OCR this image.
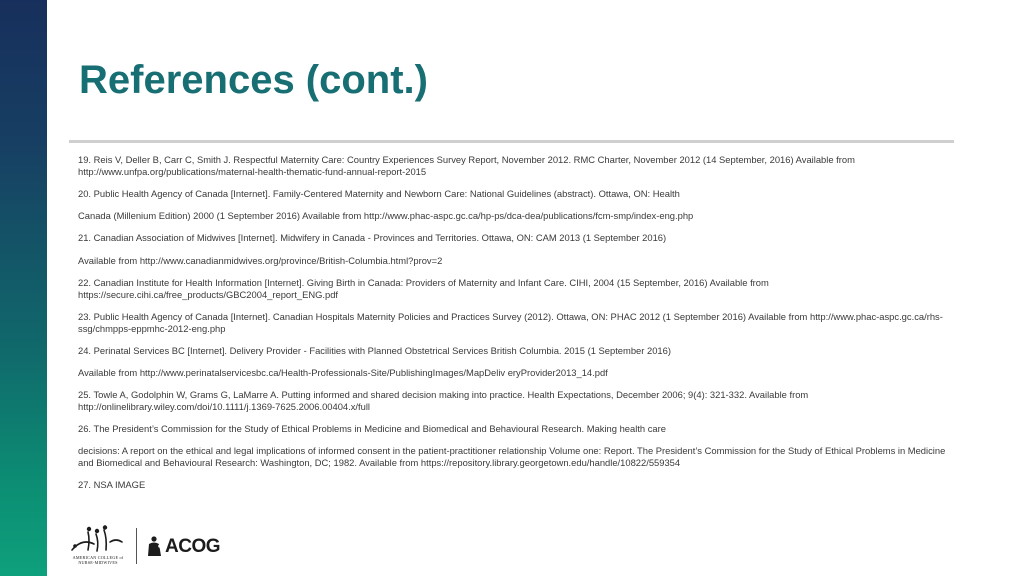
References (cont.)

19. Reis V, Deller B, Carr C, Smith J. Respectful Maternity Care: Country Experiences Survey Report, November 2012. RMC Charter, November 2012 (14 September, 2016) Available from http://www.unfpa.org/publications/maternal-health-thematic-fund-annual-report-2015

20. Public Health Agency of Canada [Internet]. Family-Centered Maternity and Newborn Care: National Guidelines (abstract). Ottawa, ON: Health

Canada (Millenium Edition) 2000 (1 September 2016) Available from http://www.phac-aspc.gc.ca/hp-ps/dca-dea/publications/fcm-smp/index-eng.php

21. Canadian Association of Midwives [Internet]. Midwifery in Canada - Provinces and Territories. Ottawa, ON: CAM 2013 (1 September 2016)

Available from http://www.canadianmidwives.org/province/British-Columbia.html?prov=2

22. Canadian Institute for Health Information [Internet]. Giving Birth in Canada: Providers of Maternity and Infant Care. CIHI, 2004 (15 September, 2016) Available from https://secure.cihi.ca/free_products/GBC2004_report_ENG.pdf

23. Public Health Agency of Canada [Internet]. Canadian Hospitals Maternity Policies and Practices Survey (2012). Ottawa, ON: PHAC 2012 (1 September 2016) Available from http://www.phac-aspc.gc.ca/rhs-ssg/chmpps-eppmhc-2012-eng.php

24. Perinatal Services BC [Internet]. Delivery Provider - Facilities with Planned Obstetrical Services British Columbia. 2015 (1 September 2016)

Available from http://www.perinatalservicesbc.ca/Health-Professionals-Site/PublishingImages/MapDeliv eryProvider2013_14.pdf

25. Towle A, Godolphin W, Grams G, LaMarre A. Putting informed and shared decision making into practice. Health Expectations, December 2006; 9(4): 321-332. Available from http://onlinelibrary.wiley.com/doi/10.1111/j.1369-7625.2006.00404.x/full

26. The President’s Commission for the Study of Ethical Problems in Medicine and Biomedical and Behavioural Research. Making health care

decisions: A report on the ethical and legal implications of informed consent in the patient-practitioner relationship Volume one: Report. The President’s Commission for the Study of Ethical Problems in Medicine and Biomedical and Behavioural Research: Washington, DC; 1982. Available from https://repository.library.georgetown.edu/handle/10822/559354

27. NSA IMAGE

AMERICAN COLLEGE of NURSE-MIDWIVES
ACOG
